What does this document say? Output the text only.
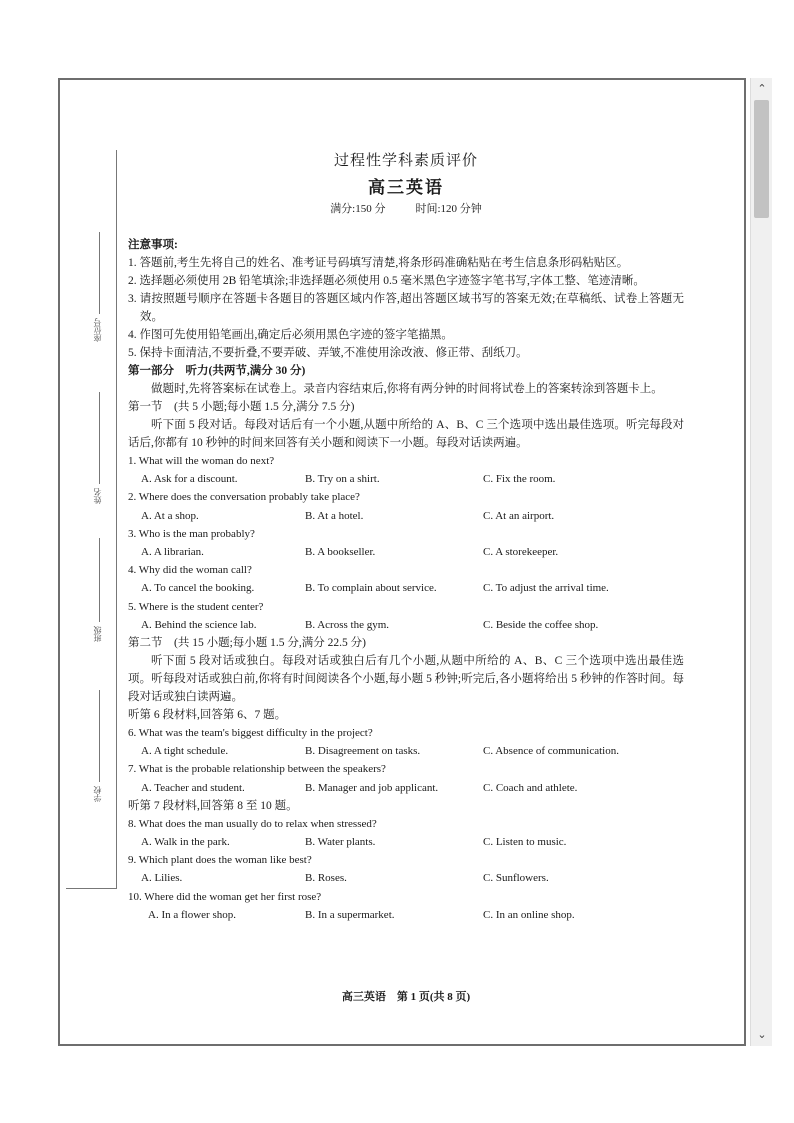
⌃
⌄
座位号
姓名
班级
学校
过程性学科素质评价
高三英语
满分:150 分	时间:120 分钟
注意事项:
1. 答题前,考生先将自己的姓名、准考证号码填写清楚,将条形码准确粘贴在考生信息条形码粘贴区。
2. 选择题必须使用 2B 铅笔填涂;非选择题必须使用 0.5 毫米黑色字迹签字笔书写,字体工整、笔迹清晰。
3. 请按照题号顺序在答题卡各题目的答题区域内作答,超出答题区域书写的答案无效;在草稿纸、试卷上答题无效。
4. 作图可先使用铅笔画出,确定后必须用黑色字迹的签字笔描黑。
5. 保持卡面清洁,不要折叠,不要弄破、弄皱,不准使用涂改液、修正带、刮纸刀。
第一部分　听力(共两节,满分 30 分)
做题时,先将答案标在试卷上。录音内容结束后,你将有两分钟的时间将试卷上的答案转涂到答题卡上。
第一节　(共 5 小题;每小题 1.5 分,满分 7.5 分)
听下面 5 段对话。每段对话后有一个小题,从题中所给的 A、B、C 三个选项中选出最佳选项。听完每段对话后,你都有 10 秒钟的时间来回答有关小题和阅读下一小题。每段对话读两遍。
1. What will the woman do next?
A. Ask for a discount.	B. Try on a shirt.	C. Fix the room.
2. Where does the conversation probably take place?
A. At a shop.	B. At a hotel.	C. At an airport.
3. Who is the man probably?
A. A librarian.	B. A bookseller.	C. A storekeeper.
4. Why did the woman call?
A. To cancel the booking.	B. To complain about service.	C. To adjust the arrival time.
5. Where is the student center?
A. Behind the science lab.	B. Across the gym.	C. Beside the coffee shop.
第二节　(共 15 小题;每小题 1.5 分,满分 22.5 分)
听下面 5 段对话或独白。每段对话或独白后有几个小题,从题中所给的 A、B、C 三个选项中选出最佳选项。听每段对话或独白前,你将有时间阅读各个小题,每小题 5 秒钟;听完后,各小题将给出 5 秒钟的作答时间。每段对话或独白读两遍。
听第 6 段材料,回答第 6、7 题。
6. What was the team's biggest difficulty in the project?
A. A tight schedule.	B. Disagreement on tasks.	C. Absence of communication.
7. What is the probable relationship between the speakers?
A. Teacher and student.	B. Manager and job applicant.	C. Coach and athlete.
听第 7 段材料,回答第 8 至 10 题。
8. What does the man usually do to relax when stressed?
A. Walk in the park.	B. Water plants.	C. Listen to music.
9. Which plant does the woman like best?
A. Lilies.	B. Roses.	C. Sunflowers.
10. Where did the woman get her first rose?
A. In a flower shop.	B. In a supermarket.	C. In an online shop.
高三英语　第 1 页(共 8 页)
